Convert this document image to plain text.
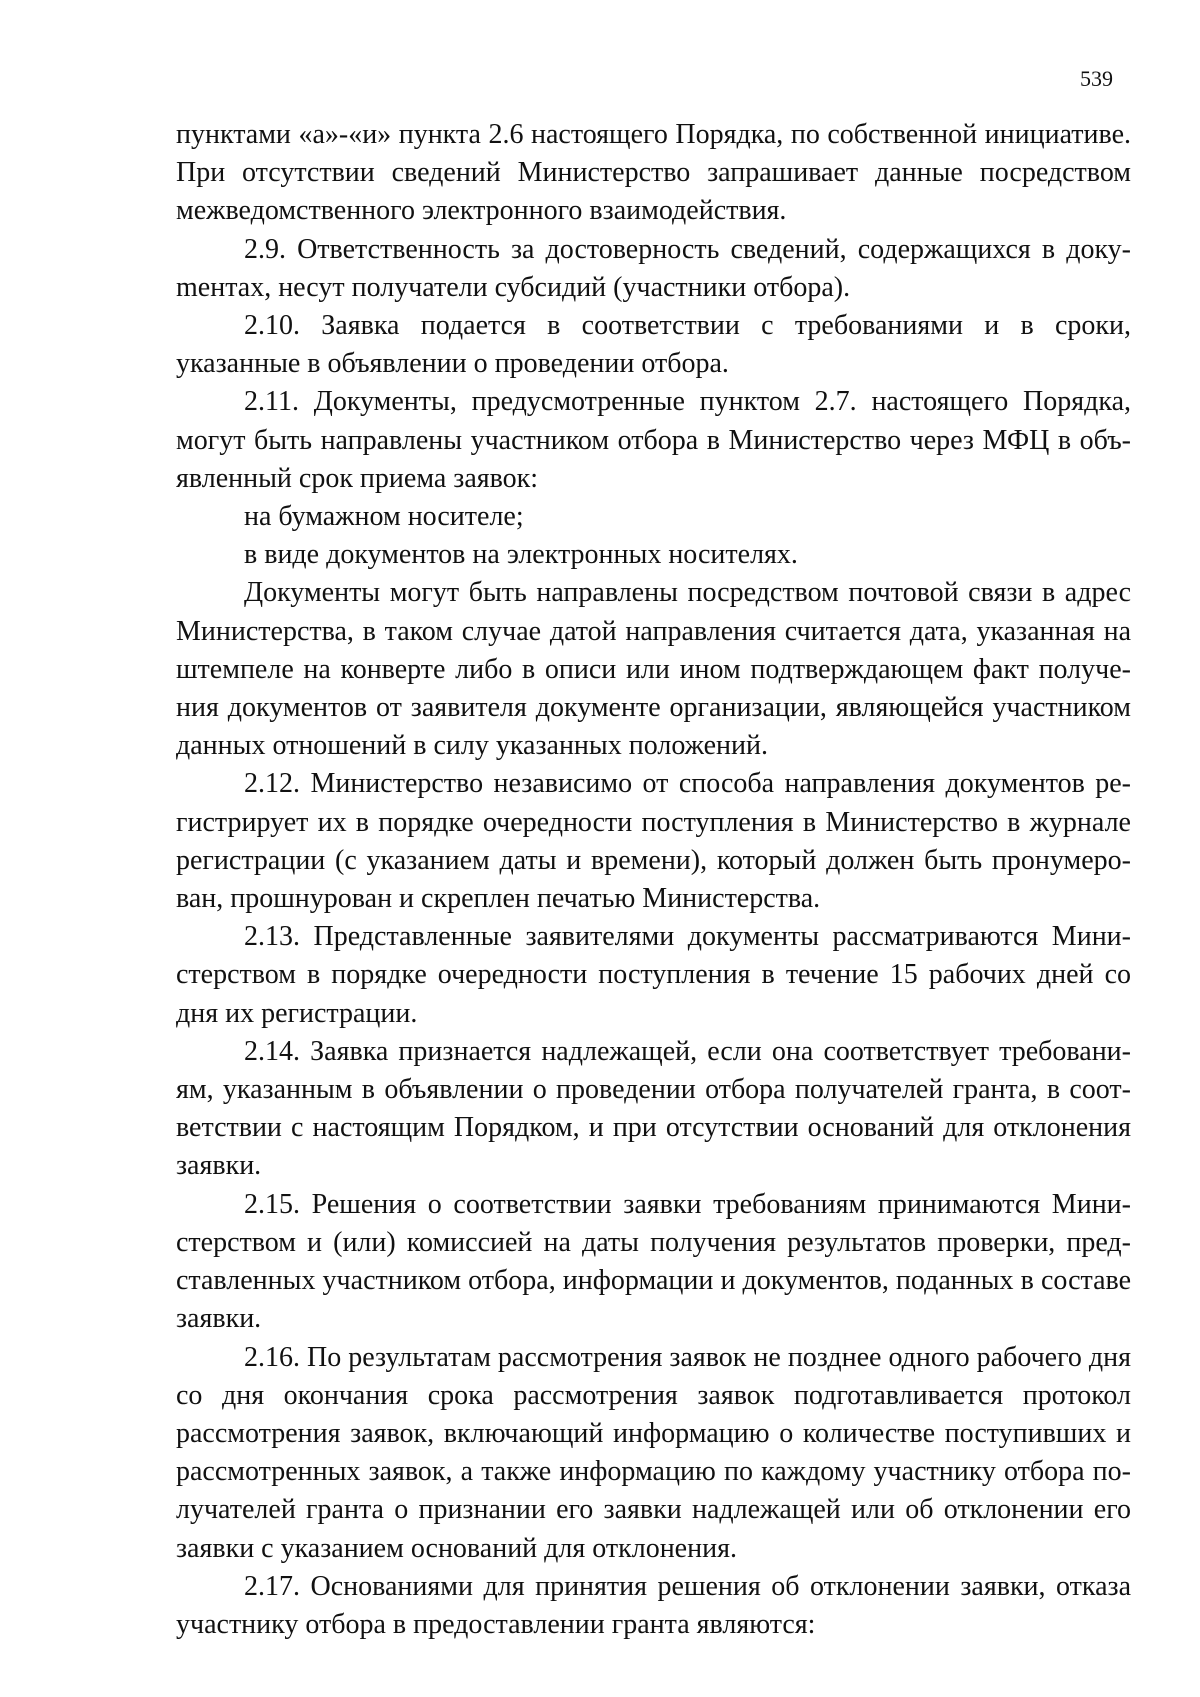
539

пунктами «а»-«и» пункта 2.6 настоящего Порядка, по собственной инициативе. При отсутствии сведений Министерство запрашивает данные посредством межведомственного электронного взаимодействия.

2.9. Ответственность за достоверность сведений, содержащихся в докуmентах, несут получатели субсидий (участники отбора).

2.10. Заявка подается в соответствии с требованиями и в сроки, указанные в объявлении о проведении отбора.

2.11. Документы, предусмотренные пунктом 2.7. настоящего Порядка, могут быть направлены участником отбора в Министерство через МФЦ в объявленный срок приема заявок:

на бумажном носителе;

в виде документов на электронных носителях.

Документы могут быть направлены посредством почтовой связи в адрес Министерства, в таком случае датой направления считается дата, указанная на штемпеле на конверте либо в описи или ином подтверждающем факт получения документов от заявителя документе организации, являющейся участником данных отношений в силу указанных положений.

2.12. Министерство независимо от способа направления документов регистрирует их в порядке очередности поступления в Министерство в журнале регистрации (с указанием даты и времени), который должен быть пронумерован, прошнурован и скреплен печатью Министерства.

2.13. Представленные заявителями документы рассматриваются Министерством в порядке очередности поступления в течение 15 рабочих дней со дня их регистрации.

2.14. Заявка признается надлежащей, если она соответствует требованиям, указанным в объявлении о проведении отбора получателей гранта, в соответствии с настоящим Порядком, и при отсутствии оснований для отклонения заявки.

2.15. Решения о соответствии заявки требованиям принимаются Министерством и (или) комиссией на даты получения результатов проверки, представленных участником отбора, информации и документов, поданных в составе заявки.

2.16. По результатам рассмотрения заявок не позднее одного рабочего дня со дня окончания срока рассмотрения заявок подготавливается протокол рассмотрения заявок, включающий информацию о количестве поступивших и рассмотренных заявок, а также информацию по каждому участнику отбора получателей гранта о признании его заявки надлежащей или об отклонении его заявки с указанием оснований для отклонения.

2.17. Основаниями для принятия решения об отклонении заявки, отказа участнику отбора в предоставлении гранта являются:
